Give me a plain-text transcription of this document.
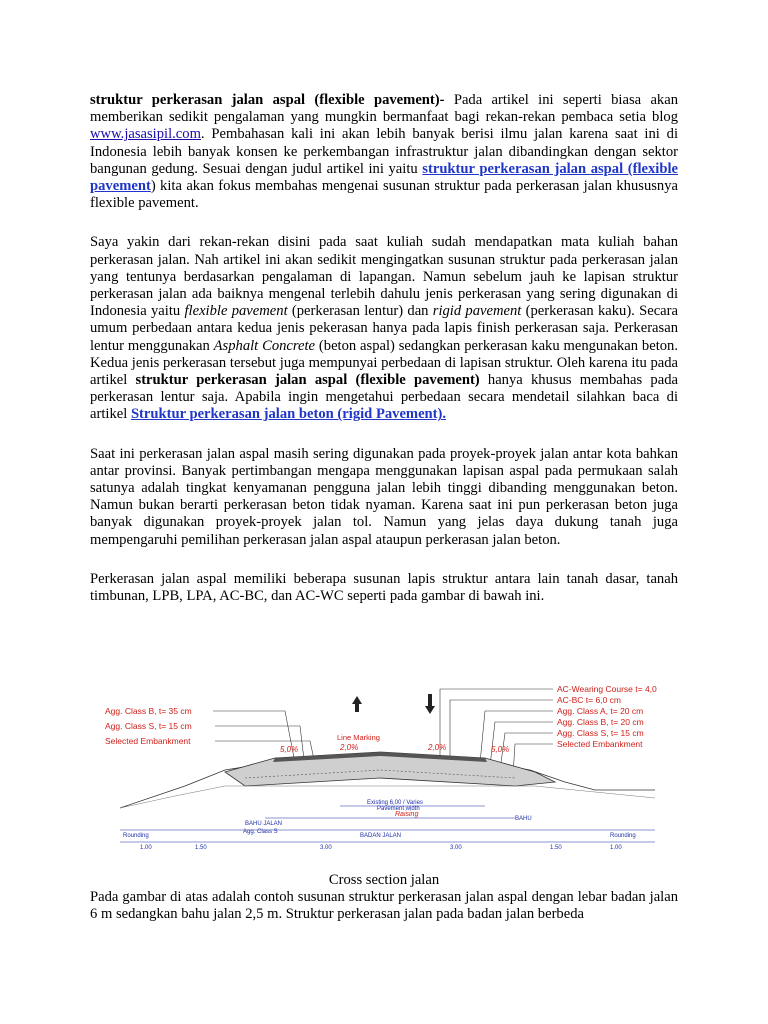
struktur perkerasan jalan aspal (flexible pavement)- Pada artikel ini seperti biasa akan memberikan sedikit pengalaman yang mungkin bermanfaat bagi rekan-rekan pembaca setia blog www.jasasipil.com. Pembahasan kali ini akan lebih banyak berisi ilmu jalan karena saat ini di Indonesia lebih banyak konsen ke perkembangan infrastruktur jalan dibandingkan dengan sektor bangunan gedung. Sesuai dengan judul artikel ini yaitu struktur perkerasan jalan aspal (flexible pavement) kita akan fokus membahas mengenai susunan struktur pada perkerasan jalan khususnya flexible pavement.

Saya yakin dari rekan-rekan disini pada saat kuliah sudah mendapatkan mata kuliah bahan perkerasan jalan. Nah artikel ini akan sedikit mengingatkan susunan struktur pada perkerasan jalan yang tentunya berdasarkan pengalaman di lapangan. Namun sebelum jauh ke lapisan struktur perkerasan jalan ada baiknya mengenal terlebih dahulu jenis perkerasan yang sering digunakan di Indonesia yaitu flexible pavement (perkerasan lentur) dan rigid pavement (perkerasan kaku). Secara umum perbedaan antara kedua jenis pekerasan hanya pada lapis finish perkerasan saja. Perkerasan lentur menggunakan Asphalt Concrete (beton aspal) sedangkan perkerasan kaku mengunakan beton. Kedua jenis perkerasan tersebut juga mempunyai perbedaan di lapisan struktur. Oleh karena itu pada artikel struktur perkerasan jalan aspal (flexible pavement) hanya khusus membahas pada perkerasan lentur saja. Apabila ingin mengetahui perbedaan secara mendetail silahkan baca di artikel Struktur perkerasan jalan beton (rigid Pavement).

Saat ini perkerasan jalan aspal masih sering digunakan pada proyek-proyek jalan antar kota bahkan antar provinsi. Banyak pertimbangan mengapa menggunakan lapisan aspal pada permukaan salah satunya adalah tingkat kenyamanan pengguna jalan lebih tinggi dibanding menggunakan beton. Namun bukan berarti perkerasan beton tidak nyaman. Karena saat ini pun perkerasan beton juga banyak digunakan proyek-proyek jalan tol. Namun yang jelas daya dukung tanah juga mempengaruhi pemilihan perkerasan jalan aspal ataupun perkerasan jalan beton.

Perkerasan jalan aspal memiliki beberapa susunan lapis struktur antara lain tanah dasar, tanah timbunan, LPB, LPA, AC-BC, dan AC-WC seperti pada gambar di bawah ini.

Agg. Class B, t= 35 cm
Agg. Class S, t= 15 cm
Selected Embankment
AC-Wearing Course t= 4,0
AC-BC t= 6,0 cm
Agg. Class A, t= 20 cm
Agg. Class B, t= 20 cm
Agg. Class S, t= 15 cm
Selected Embankment
5,0%	2,0%	2,0%	5,0%
Line Marking
Existing 6,00 / Varies
Pavement width
Raising
BAHU JALAN
BAHU
BADAN JALAN
Agg. Class S
Rounding	Rounding
1.00	1.50	3.00	3.00	1.50	1.00
Cross section jalan
Pada gambar di atas adalah contoh susunan struktur perkerasan jalan aspal dengan lebar badan jalan 6 m sedangkan bahu jalan 2,5 m. Struktur perkerasan jalan pada badan jalan berbeda
